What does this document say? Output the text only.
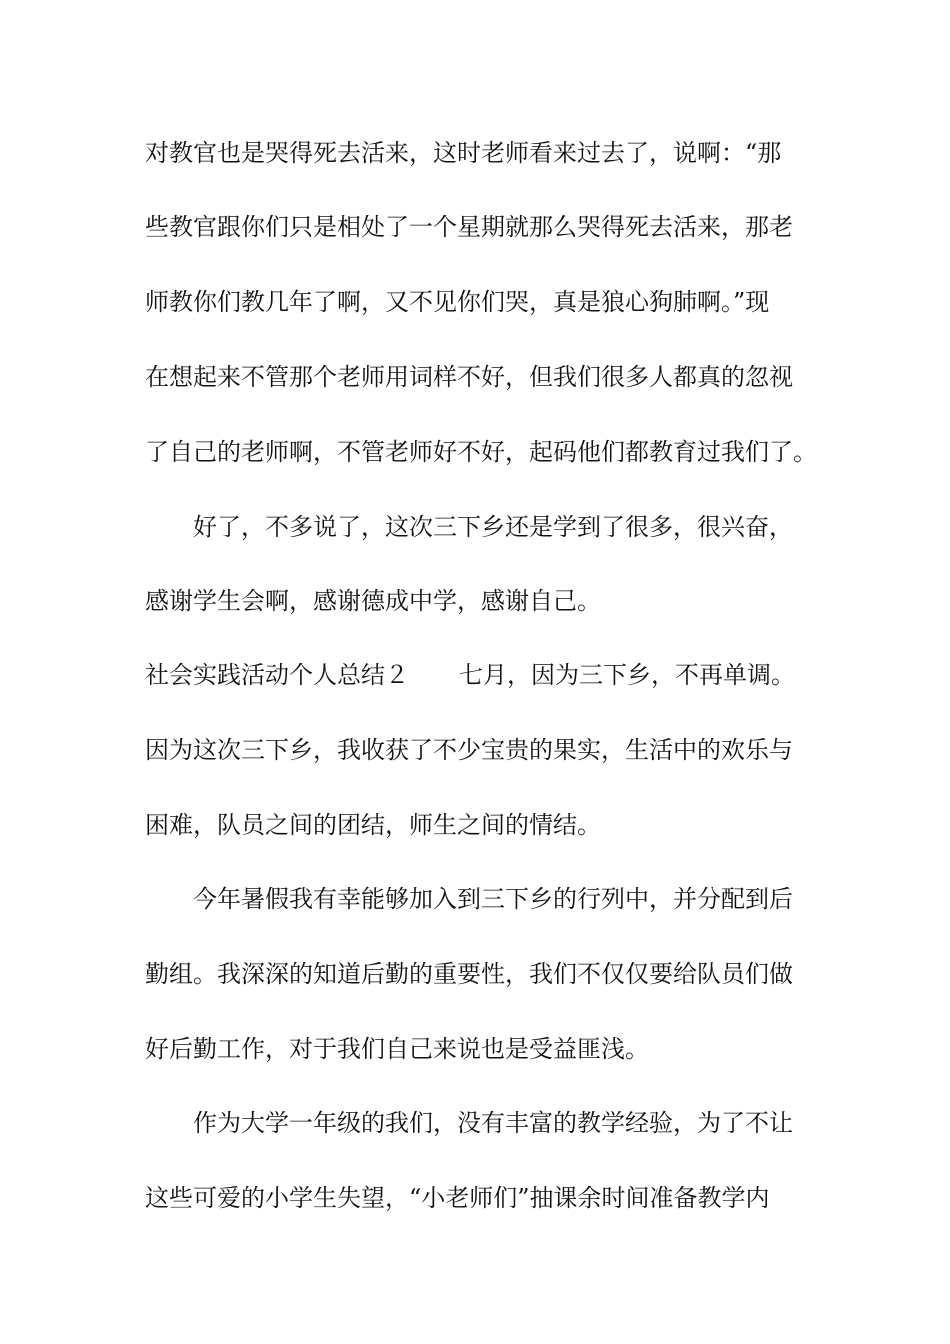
对教官也是哭得死去活来，这时老师看来过去了，说啊：“那
些教官跟你们只是相处了一个星期就那么哭得死去活来，那老
师教你们教几年了啊，又不见你们哭，真是狼心狗肺啊。”现
在想起来不管那个老师用词样不好，但我们很多人都真的忽视
了自己的老师啊，不管老师好不好，起码他们都教育过我们了。
好了，不多说了，这次三下乡还是学到了很多，很兴奋，
感谢学生会啊，感谢德成中学，感谢自己。
社会实践活动个人总结２ 七月，因为三下乡，不再单调。
因为这次三下乡，我收获了不少宝贵的果实，生活中的欢乐与
困难，队员之间的团结，师生之间的情结。
今年暑假我有幸能够加入到三下乡的行列中，并分配到后
勤组。我深深的知道后勤的重要性，我们不仅仅要给队员们做
好后勤工作，对于我们自己来说也是受益匪浅。
作为大学一年级的我们，没有丰富的教学经验，为了不让
这些可爱的小学生失望，“小老师们”抽课余时间准备教学内
